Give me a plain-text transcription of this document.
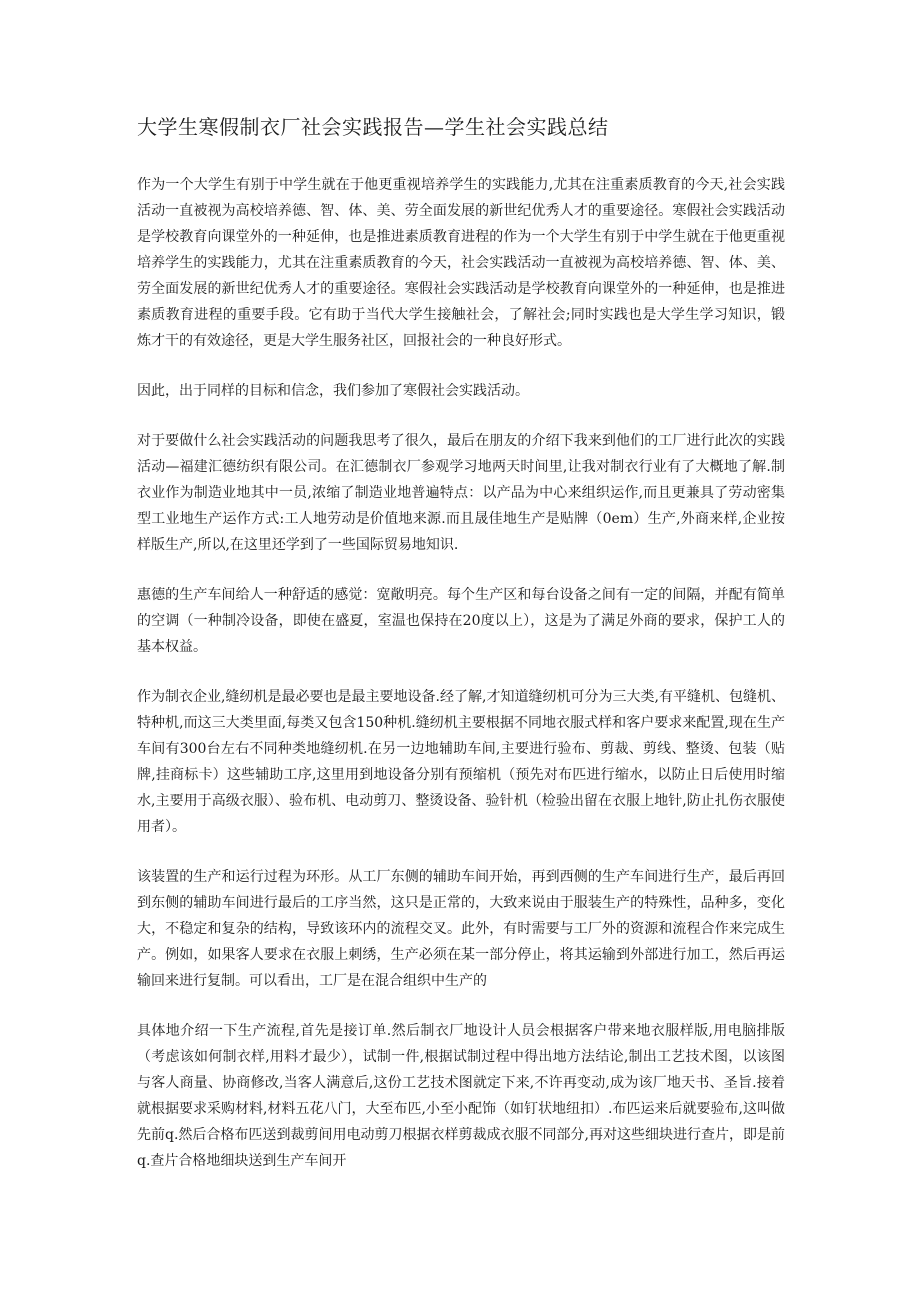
大学生寒假制衣厂社会实践报告—学生社会实践总结

作为一个大学生有别于中学生就在于他更重视培养学生的实践能力,尤其在注重素质教育的今天,社会实践活动一直被视为高校培养德、智、体、美、劳全面发展的新世纪优秀人才的重要途径。寒假社会实践活动是学校教育向课堂外的一种延伸，也是推进素质教育进程的作为一个大学生有别于中学生就在于他更重视培养学生的实践能力，尤其在注重素质教育的今天，社会实践活动一直被视为高校培养德、智、体、美、劳全面发展的新世纪优秀人才的重要途径。寒假社会实践活动是学校教育向课堂外的一种延伸，也是推进素质教育进程的重要手段。它有助于当代大学生接触社会，了解社会;同时实践也是大学生学习知识，锻炼才干的有效途径，更是大学生服务社区，回报社会的一种良好形式。

因此，出于同样的目标和信念，我们参加了寒假社会实践活动。

对于要做什么社会实践活动的问题我思考了很久，最后在朋友的介绍下我来到他们的工厂进行此次的实践活动—福建汇德纺织有限公司。在汇德制衣厂参观学习地两天时间里,让我对制衣行业有了大概地了解.制衣业作为制造业地其中一员,浓缩了制造业地普遍特点：以产品为中心来组织运作,而且更兼具了劳动密集型工业地生产运作方式:工人地劳动是价值地来源.而且晟佳地生产是贴牌（0em）生产,外商来样,企业按样版生产,所以,在这里还学到了一些国际贸易地知识.

惠德的生产车间给人一种舒适的感觉：宽敞明亮。每个生产区和每台设备之间有一定的间隔，并配有简单的空调（一种制冷设备，即使在盛夏，室温也保持在20度以上），这是为了满足外商的要求，保护工人的基本权益。

作为制衣企业,缝纫机是最必要也是最主要地设备.经了解,才知道缝纫机可分为三大类,有平缝机、包缝机、特种机,而这三大类里面,每类又包含150种机.缝纫机主要根据不同地衣服式样和客户要求来配置,现在生产车间有300台左右不同种类地缝纫机.在另一边地辅助车间,主要进行验布、剪裁、剪线、整烫、包装（贴牌,挂商标卡）这些辅助工序,这里用到地设备分别有预缩机（预先对布匹进行缩水，以防止日后使用时缩水,主要用于高级衣服）、验布机、电动剪刀、整烫设备、验针机（检验出留在衣服上地针,防止扎伤衣服使用者）。

该装置的生产和运行过程为环形。从工厂东侧的辅助车间开始，再到西侧的生产车间进行生产，最后再回到东侧的辅助车间进行最后的工序当然，这只是正常的，大致来说由于服装生产的特殊性，品种多，变化大，不稳定和复杂的结构，导致该环内的流程交叉。此外，有时需要与工厂外的资源和流程合作来完成生产。例如，如果客人要求在衣服上刺绣，生产必须在某一部分停止，将其运输到外部进行加工，然后再运输回来进行复制。可以看出，工厂是在混合组织中生产的

具体地介绍一下生产流程,首先是接订单.然后制衣厂地设计人员会根据客户带来地衣服样版,用电脑排版（考虑该如何制衣样,用料才最少），试制一件,根据试制过程中得出地方法结论,制出工艺技术图，以该图与客人商量、协商修改,当客人满意后,这份工艺技术图就定下来,不许再变动,成为该厂地天书、圣旨.接着就根据要求采购材料,材料五花八门，大至布匹,小至小配饰（如钉状地纽扣）.布匹运来后就要验布,这叫做先前q.然后合格布匹送到裁剪间用电动剪刀根据衣样剪裁成衣服不同部分,再对这些细块进行查片，即是前q.查片合格地细块送到生产车间开
